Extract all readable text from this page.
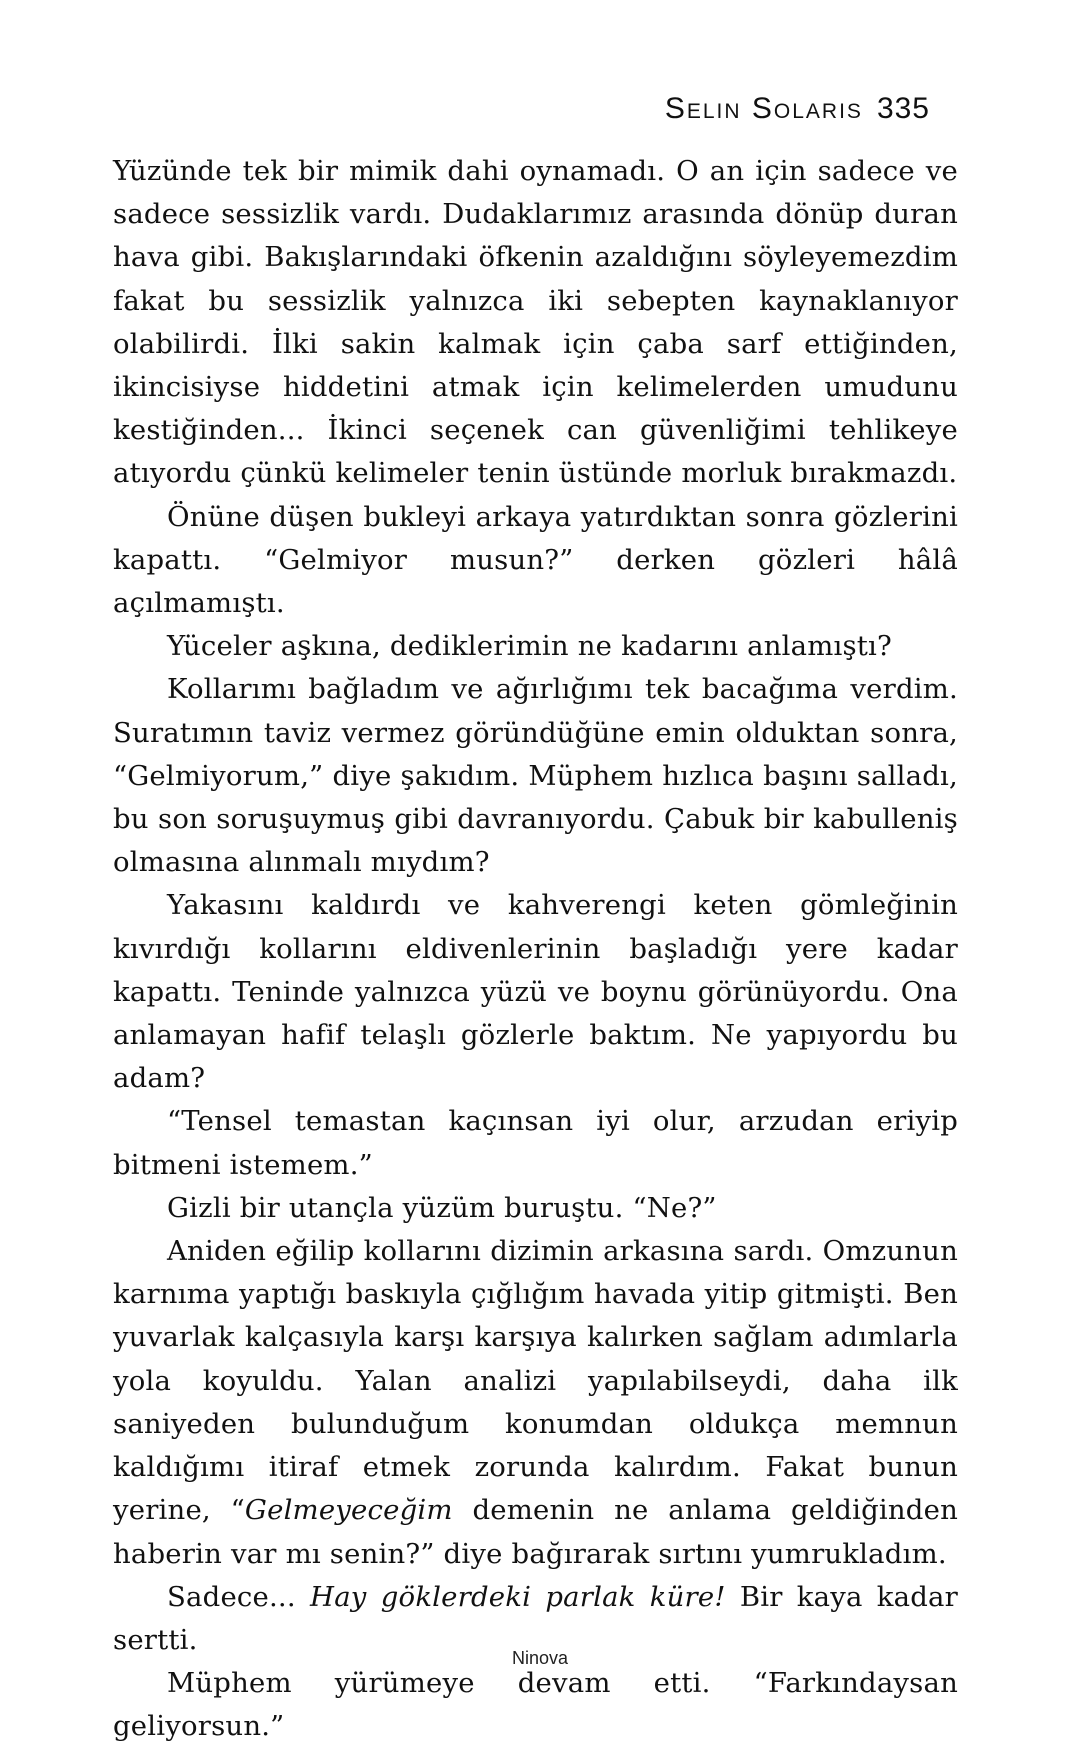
Selin Solaris 335

Yüzünde tek bir mimik dahi oynamadı. O an için sadece ve sadece sessizlik vardı. Dudaklarımız arasında dönüp duran hava gibi. Bakışlarındaki öfkenin azaldığını söyleyemezdim fakat bu sessizlik yalnızca iki sebepten kaynaklanıyor olabilirdi. İlki sakin kalmak için çaba sarf ettiğinden, ikincisiyse hiddetini atmak için kelimelerden umudunu kestiğinden... İkinci seçenek can güvenliğimi tehlikeye atıyordu çünkü kelimeler tenin üstünde morluk bırakmazdı.

Önüne düşen bukleyi arkaya yatırdıktan sonra gözlerini kapattı. “Gelmiyor musun?” derken gözleri hâlâ açılmamıştı.

Yüceler aşkına, dediklerimin ne kadarını anlamıştı?

Kollarımı bağladım ve ağırlığımı tek bacağıma verdim. Suratımın taviz vermez göründüğüne emin olduktan sonra, “Gelmiyorum,” diye şakıdım. Müphem hızlıca başını salladı, bu son soruşuymuş gibi davranıyordu. Çabuk bir kabulleniş olmasına alınmalı mıydım?

Yakasını kaldırdı ve kahverengi keten gömleğinin kıvırdığı kollarını eldivenlerinin başladığı yere kadar kapattı. Teninde yalnızca yüzü ve boynu görünüyordu. Ona anlamayan hafif telaşlı gözlerle baktım. Ne yapıyordu bu adam?

“Tensel temastan kaçınsan iyi olur, arzudan eriyip bitmeni istemem.”

Gizli bir utançla yüzüm buruştu. “Ne?”

Aniden eğilip kollarını dizimin arkasına sardı. Omzunun karnıma yaptığı baskıyla çığlığım havada yitip gitmişti. Ben yuvarlak kalçasıyla karşı karşıya kalırken sağlam adımlarla yola koyuldu. Yalan analizi yapılabilseydi, daha ilk saniyeden bulunduğum konumdan oldukça memnun kaldığımı itiraf etmek zorunda kalırdım. Fakat bunun yerine, “Gelmeyeceğim demenin ne anlama geldiğinden haberin var mı senin?” diye bağırarak sırtını yumrukladım.

Sadece... Hay göklerdeki parlak küre! Bir kaya kadar sertti.

Müphem yürümeye devam etti. “Farkındaysan geliyorsun.”

Ninova
